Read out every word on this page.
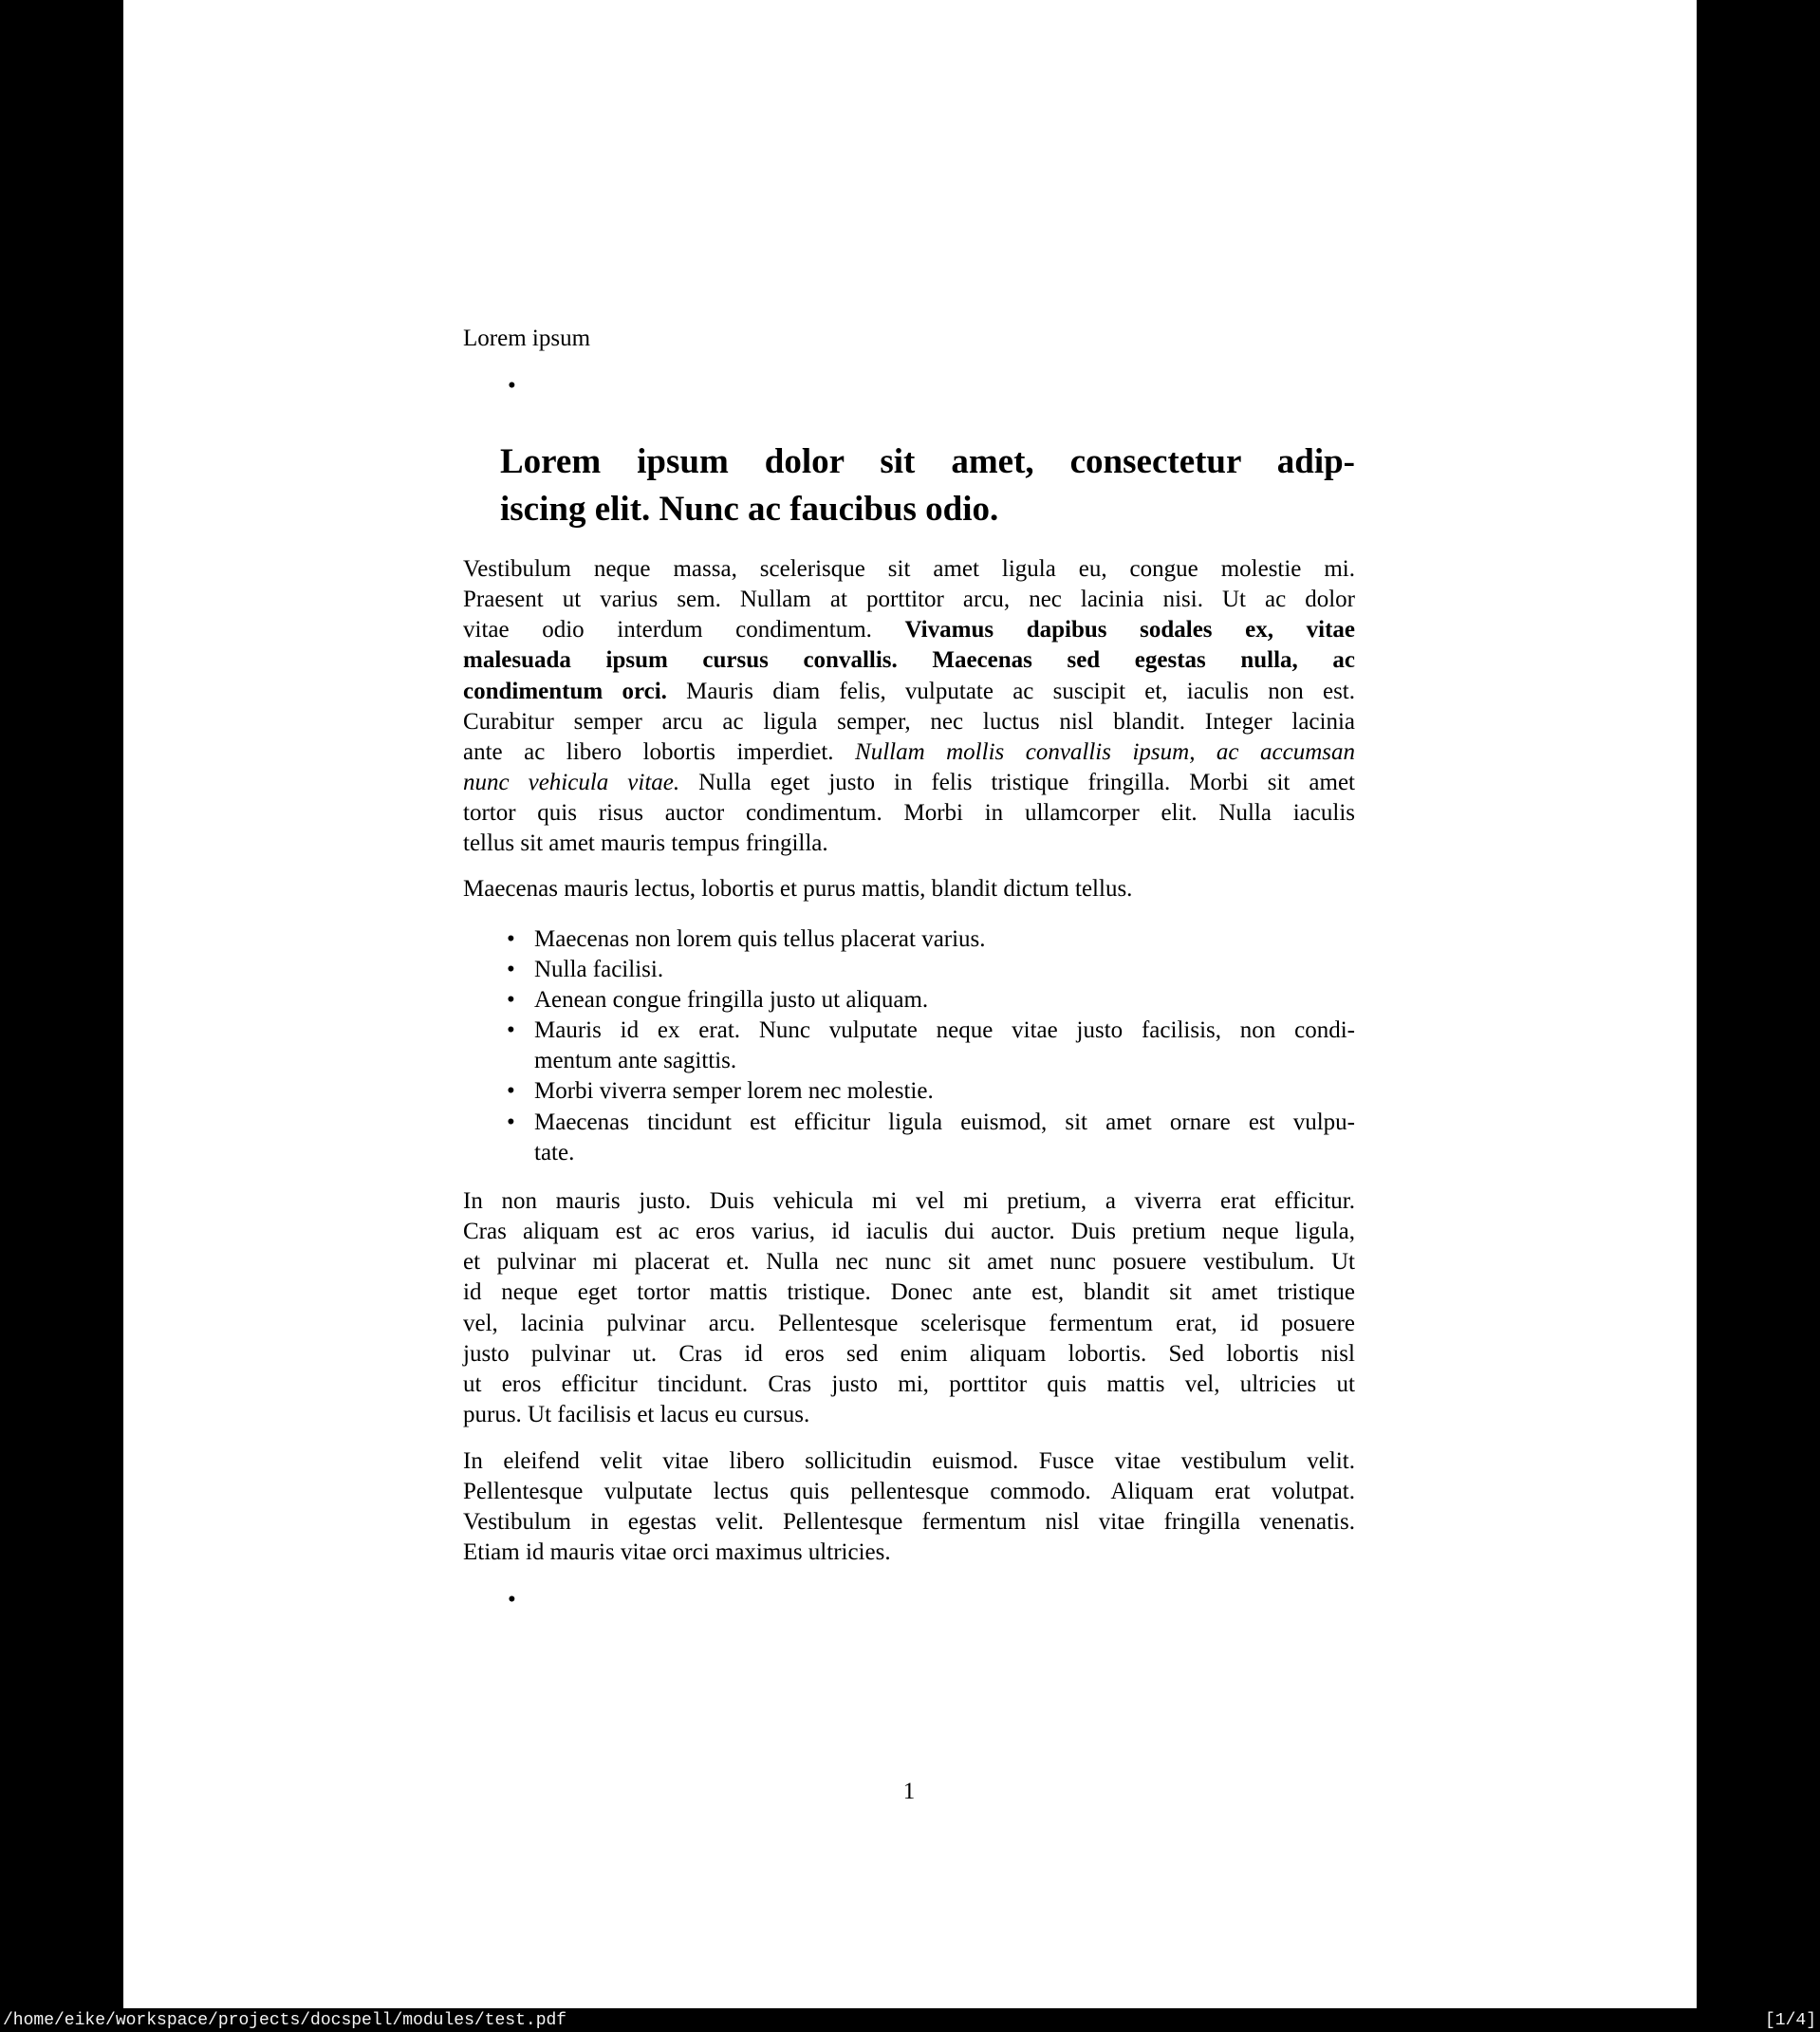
Lorem ipsum
•
Lorem ipsum dolor sit amet, consectetur adip-
iscing elit. Nunc ac faucibus odio.
Vestibulum neque massa, scelerisque sit amet ligula eu, congue molestie mi.
Praesent ut varius sem. Nullam at porttitor arcu, nec lacinia nisi. Ut ac dolor
vitae odio interdum condimentum. Vivamus dapibus sodales ex, vitae
malesuada ipsum cursus convallis. Maecenas sed egestas nulla, ac
condimentum orci. Mauris diam felis, vulputate ac suscipit et, iaculis non est.
Curabitur semper arcu ac ligula semper, nec luctus nisl blandit. Integer lacinia
ante ac libero lobortis imperdiet. Nullam mollis convallis ipsum, ac accumsan
nunc vehicula vitae. Nulla eget justo in felis tristique fringilla. Morbi sit amet
tortor quis risus auctor condimentum. Morbi in ullamcorper elit. Nulla iaculis
tellus sit amet mauris tempus fringilla.
Maecenas mauris lectus, lobortis et purus mattis, blandit dictum tellus.
• Maecenas non lorem quis tellus placerat varius.
• Nulla facilisi.
• Aenean congue fringilla justo ut aliquam.
• Mauris id ex erat. Nunc vulputate neque vitae justo facilisis, non condi-
mentum ante sagittis.
• Morbi viverra semper lorem nec molestie.
• Maecenas tincidunt est efficitur ligula euismod, sit amet ornare est vulpu-
tate.
In non mauris justo. Duis vehicula mi vel mi pretium, a viverra erat efficitur.
Cras aliquam est ac eros varius, id iaculis dui auctor. Duis pretium neque ligula,
et pulvinar mi placerat et. Nulla nec nunc sit amet nunc posuere vestibulum. Ut
id neque eget tortor mattis tristique. Donec ante est, blandit sit amet tristique
vel, lacinia pulvinar arcu. Pellentesque scelerisque fermentum erat, id posuere
justo pulvinar ut. Cras id eros sed enim aliquam lobortis. Sed lobortis nisl
ut eros efficitur tincidunt. Cras justo mi, porttitor quis mattis vel, ultricies ut
purus. Ut facilisis et lacus eu cursus.
In eleifend velit vitae libero sollicitudin euismod. Fusce vitae vestibulum velit.
Pellentesque vulputate lectus quis pellentesque commodo. Aliquam erat volutpat.
Vestibulum in egestas velit. Pellentesque fermentum nisl vitae fringilla venenatis.
Etiam id mauris vitae orci maximus ultricies.
•
1
/home/eike/workspace/projects/docspell/modules/test.pdf	[1/4]
